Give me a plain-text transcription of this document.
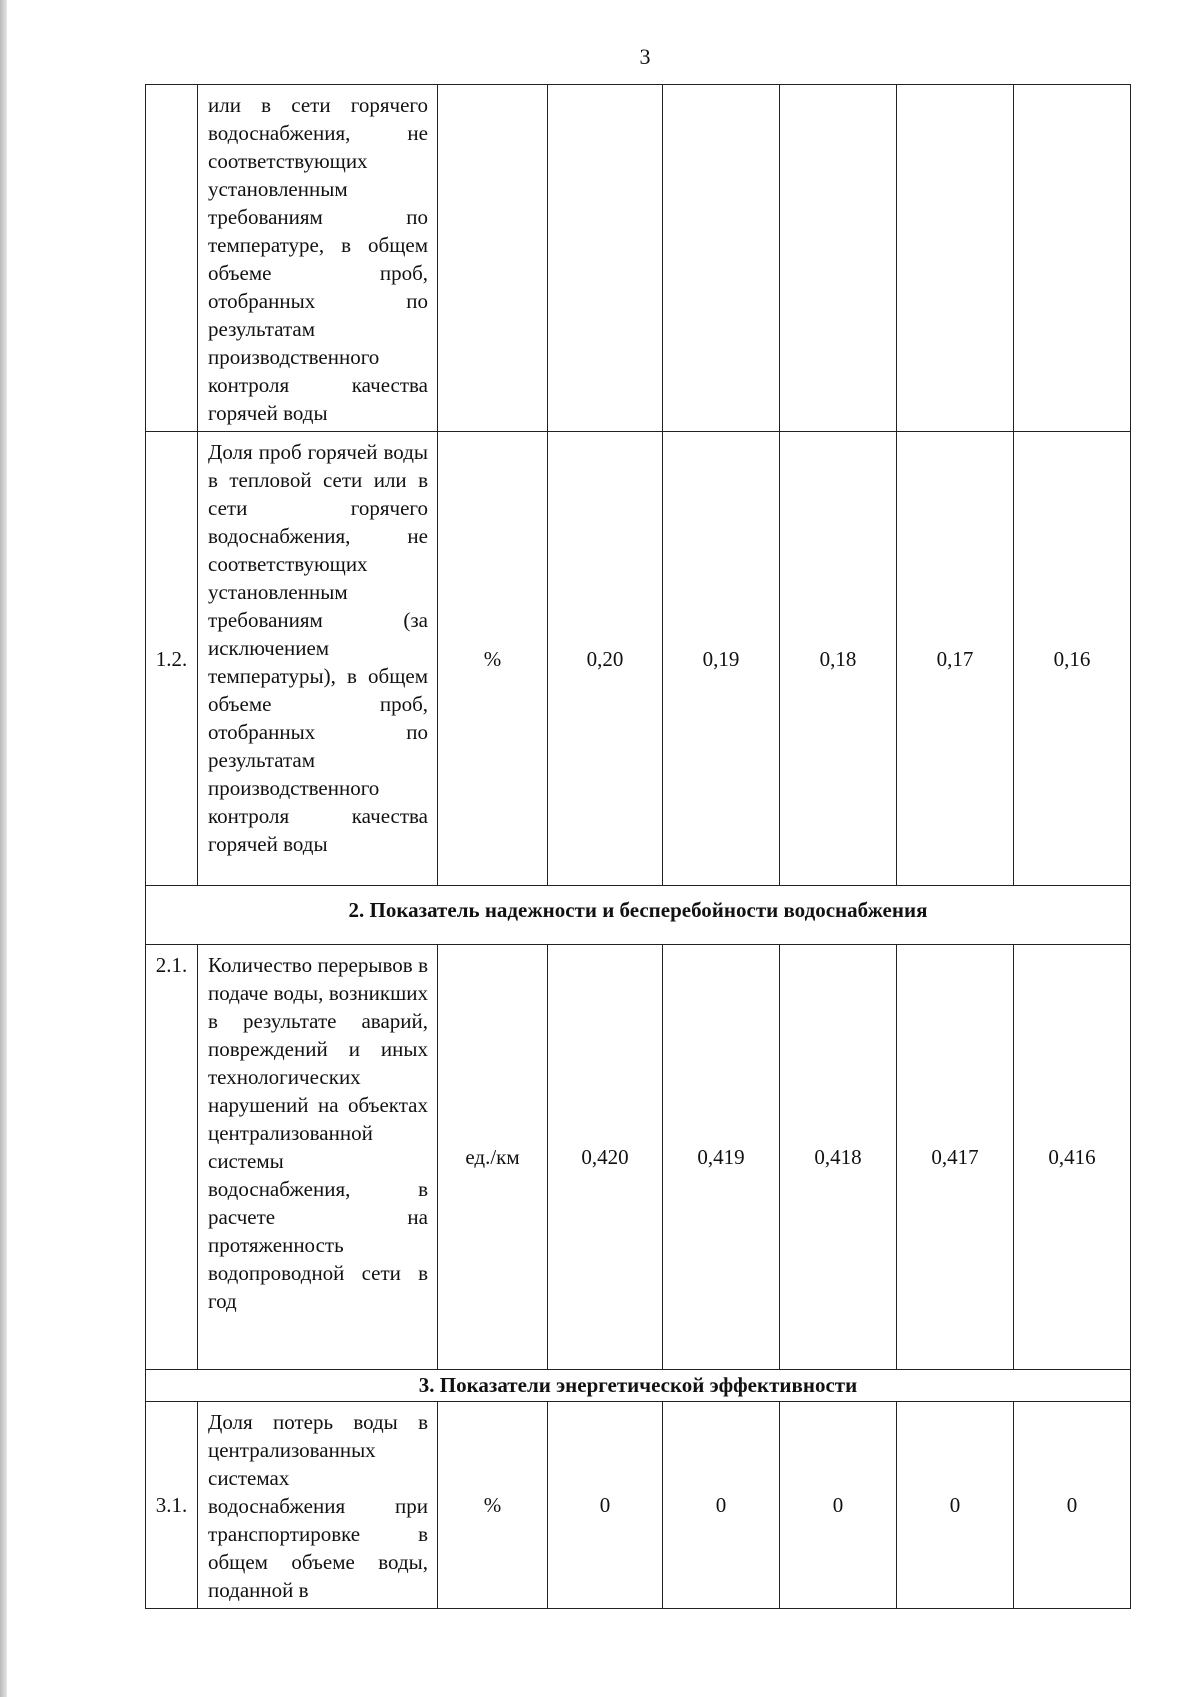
3
	или в сети горячего водоснабжения, не соответствующих установленным требованиям по температуре, в общем объеме проб, отобранных по результатам производственного контроля качества горячей воды						
1.2.	Доля проб горячей воды в тепловой сети или в сети горячего водоснабжения, не соответствующих установленным требованиям (за исключением температуры), в общем объеме проб, отобранных по результатам производственного контроля качества горячей воды	%	0,20	0,19	0,18	0,17	0,16
2. Показатель надежности и бесперебойности водоснабжения							
2.1.	Количество перерывов в подаче воды, возникших в результате аварий, повреждений и иных технологических нарушений на объектах централизованной системы водоснабжения, в расчете на протяженность водопроводной сети в год	ед./км	0,420	0,419	0,418	0,417	0,416
3. Показатели энергетической эффективности							
3.1.	Доля потерь воды в централизованных системах водоснабжения при транспортировке в общем объеме воды, поданной в	%	0	0	0	0	0
